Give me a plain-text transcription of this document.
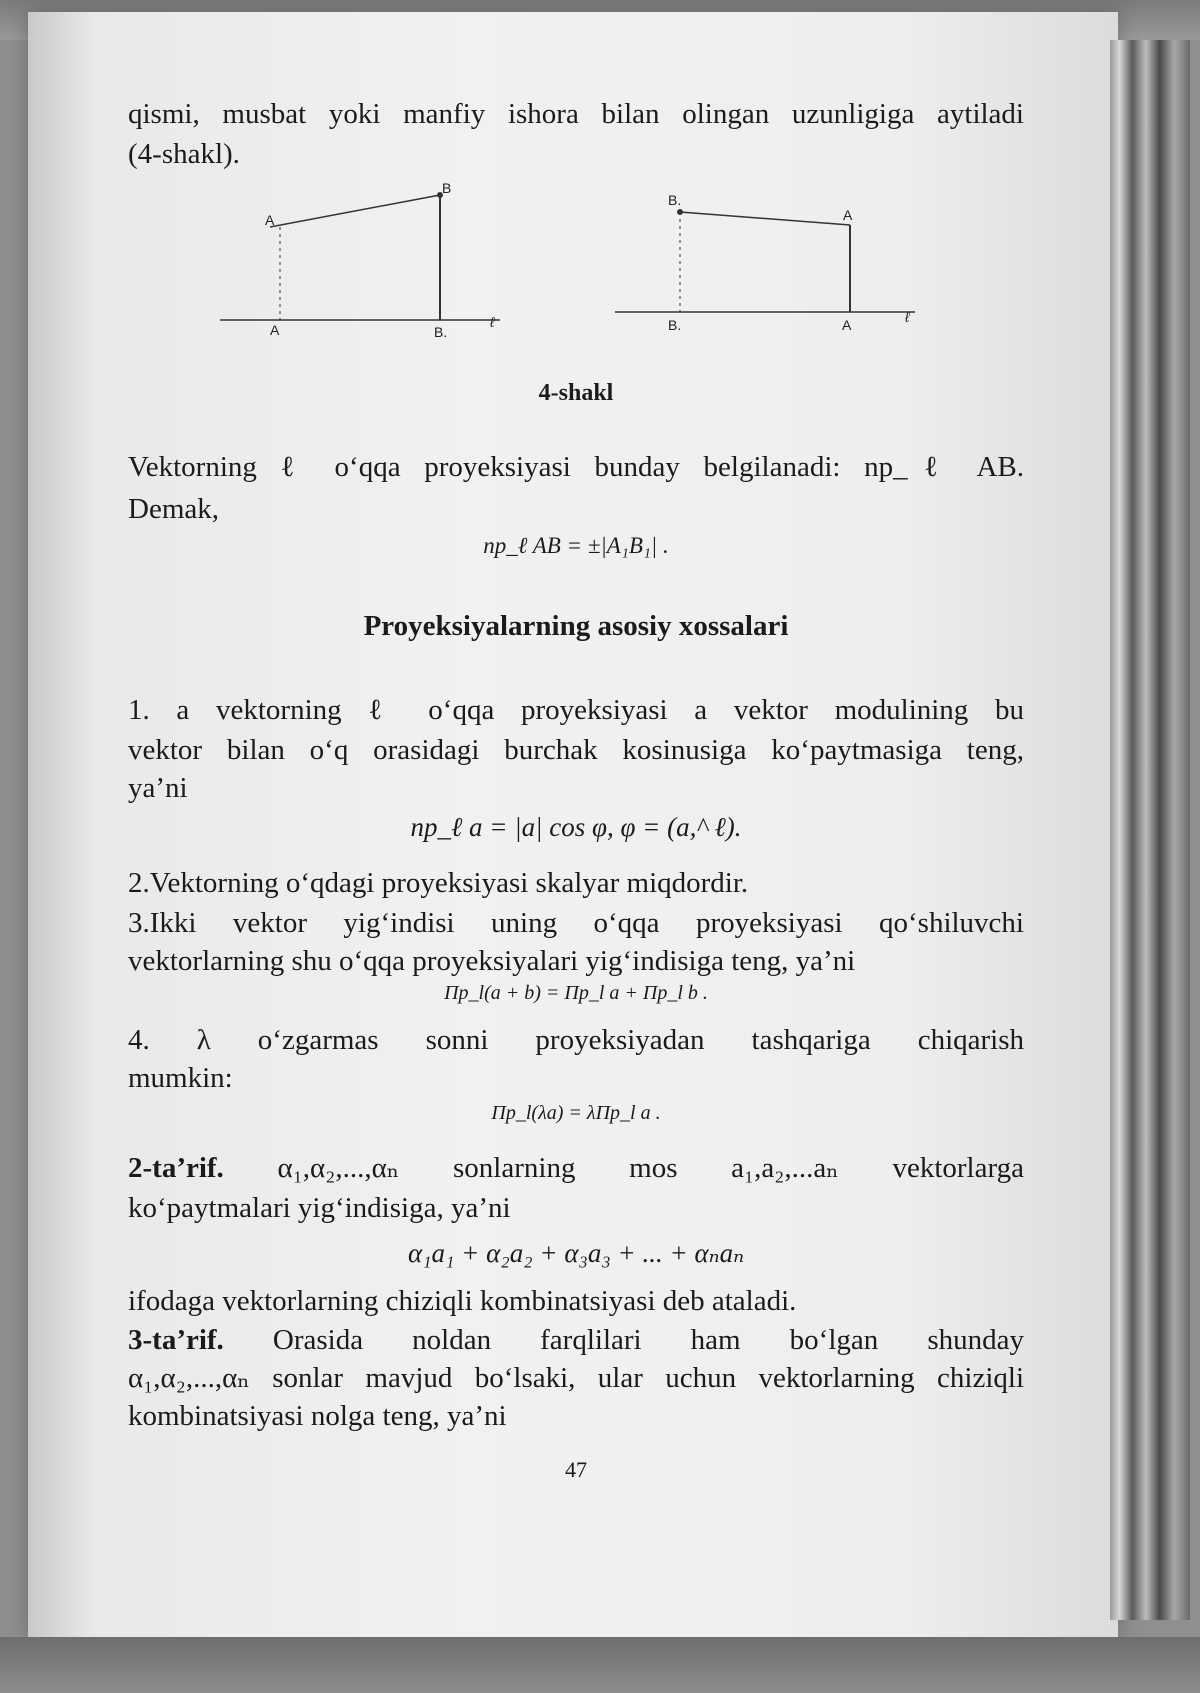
qismi, musbat yoki manfiy ishora bilan olingan uzunligiga aytiladi
(4-shakl).
A
B
A	B.
ℓ
B.
A
B.	A	ℓ
4-shakl
Vektorning ℓ o‘qqa proyeksiyasi bunday belgilanadi: np_ℓ AB.
Demak,
np_ℓ AB = ±|A₁B₁| .
Proyeksiyalarning asosiy xossalari
1. a vektorning ℓ o‘qqa proyeksiyasi a vektor modulining bu
vektor bilan o‘q orasidagi burchak kosinusiga ko‘paytmasiga teng,
ya’ni
np_ℓ a = |a| cos φ, φ = (a,^ ℓ).
2.Vektorning o‘qdagi proyeksiyasi skalyar miqdordir.
3.Ikki vektor yig‘indisi uning o‘qqa proyeksiyasi qo‘shiluvchi
vektorlarning shu o‘qqa proyeksiyalari yig‘indisiga teng, ya’ni
Пр_l(a + b) = Пр_l a + Пр_l b .
4. λ o‘zgarmas sonni proyeksiyadan tashqariga chiqarish
mumkin:
Пр_l(λa) = λПр_l a .
2-ta’rif. α₁,α₂,...,αₙ sonlarning mos a₁,a₂,...aₙ vektorlarga
ko‘paytmalari yig‘indisiga, ya’ni
α₁a₁ + α₂a₂ + α₃a₃ + ... + αₙaₙ
ifodaga vektorlarning chiziqli kombinatsiyasi deb ataladi.
3-ta’rif. Orasida noldan farqlilari ham bo‘lgan shunday
α₁,α₂,...,αₙ sonlar mavjud bo‘lsaki, ular uchun vektorlarning chiziqli
kombinatsiyasi nolga teng, ya’ni
47
